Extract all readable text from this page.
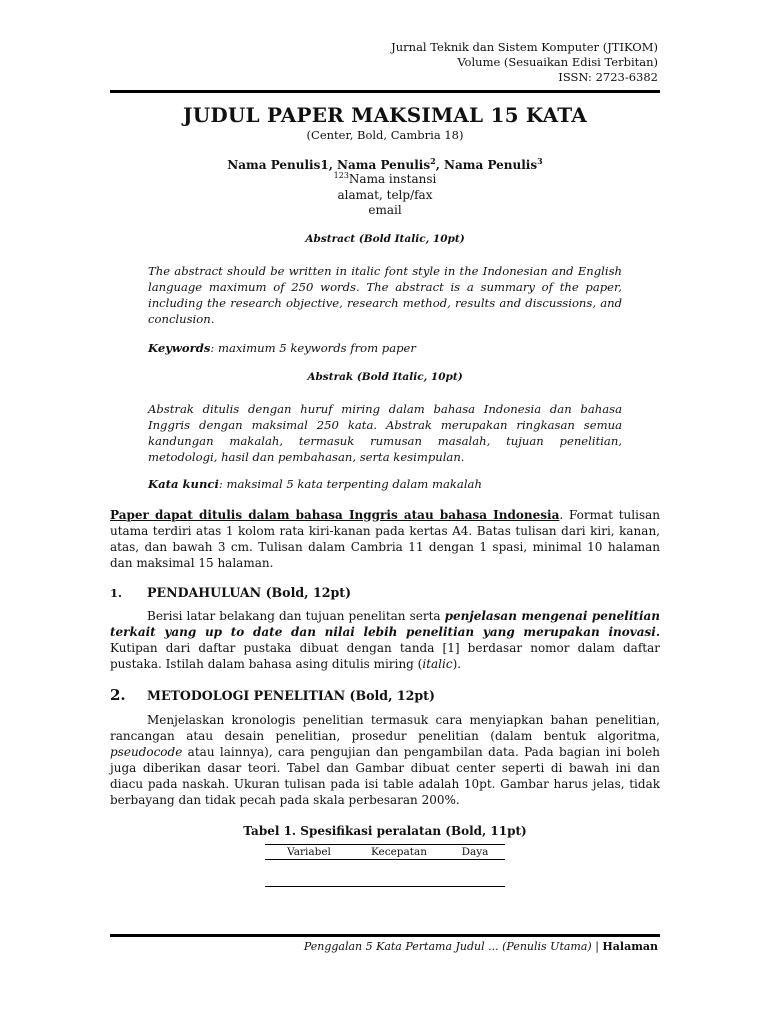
Jurnal Teknik dan Sistem Komputer (JTIKOM)
Volume (Sesuaikan Edisi Terbitan)
ISSN: 2723-6382
JUDUL PAPER MAKSIMAL 15 KATA
(Center, Bold, Cambria 18)
Nama Penulis1, Nama Penulis$^2$, Nama Penulis$^3$
$^{123}$Nama instansi
alamat, telp/fax
email
Abstract (Bold Italic, 10pt)
The abstract should be written in italic font style in the Indonesian and English language maximum of 250 words. The abstract is a summary of the paper, including the research objective, research method, results and discussions, and conclusion.
Keywords: maximum 5 keywords from paper
Abstrak (Bold Italic, 10pt)
Abstrak ditulis dengan huruf miring dalam bahasa Indonesia dan bahasa Inggris dengan maksimal 250 kata. Abstrak merupakan ringkasan semua kandungan makalah, termasuk rumusan masalah, tujuan penelitian, metodologi, hasil dan pembahasan, serta kesimpulan.
Kata kunci: maksimal 5 kata terpenting dalam makalah
Paper dapat ditulis dalam bahasa Inggris atau bahasa Indonesia. Format tulisan utama terdiri atas 1 kolom rata kiri-kanan pada kertas A4. Batas tulisan dari kiri, kanan, atas, dan bawah 3 cm. Tulisan dalam Cambria 11 dengan 1 spasi, minimal 10 halaman dan maksimal 15 halaman.
1.	PENDAHULUAN (Bold, 12pt)
Berisi latar belakang dan tujuan penelitan serta penjelasan mengenai penelitian terkait yang up to date dan nilai lebih penelitian yang merupakan inovasi. Kutipan dari daftar pustaka dibuat dengan tanda [1] berdasar nomor dalam daftar pustaka. Istilah dalam bahasa asing ditulis miring (italic).
2.	METODOLOGI PENELITIAN (Bold, 12pt)
Menjelaskan kronologis penelitian termasuk cara menyiapkan bahan penelitian, rancangan atau desain penelitian, prosedur penelitian (dalam bentuk algoritma, pseudocode atau lainnya), cara pengujian dan pengambilan data. Pada bagian ini boleh juga diberikan dasar teori. Tabel dan Gambar dibuat center seperti di bawah ini dan diacu pada naskah. Ukuran tulisan pada isi table adalah 10pt. Gambar harus jelas, tidak berbayang dan tidak pecah pada skala perbesaran 200%.
Tabel 1. Spesifikasi peralatan (Bold, 11pt)
Variabel	Kecepatan	Daya
Penggalan 5 Kata Pertama Judul ... (Penulis Utama) | Halaman
